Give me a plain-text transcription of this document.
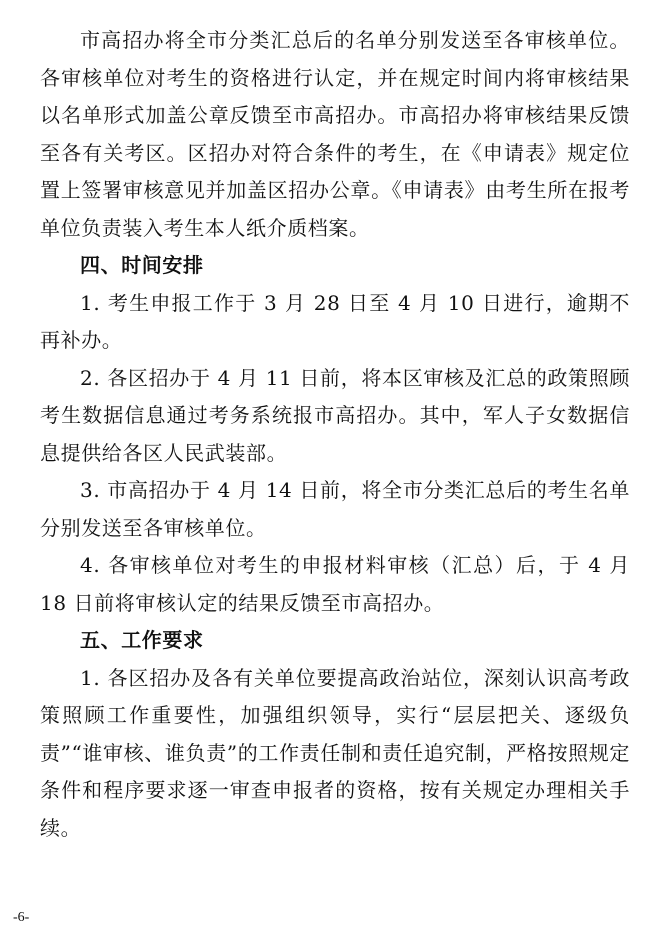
市高招办将全市分类汇总后的名单分别发送至各审核单位。各审核单位对考生的资格进行认定，并在规定时间内将审核结果以名单形式加盖公章反馈至市高招办。市高招办将审核结果反馈至各有关考区。区招办对符合条件的考生，在《申请表》规定位置上签署审核意见并加盖区招办公章。《申请表》由考生所在报考单位负责装入考生本人纸介质档案。

四、时间安排

1. 考生申报工作于 3 月 28 日至 4 月 10 日进行，逾期不再补办。

2. 各区招办于 4 月 11 日前，将本区审核及汇总的政策照顾考生数据信息通过考务系统报市高招办。其中，军人子女数据信息提供给各区人民武装部。

3. 市高招办于 4 月 14 日前，将全市分类汇总后的考生名单分别发送至各审核单位。

4. 各审核单位对考生的申报材料审核（汇总）后，于 4 月 18 日前将审核认定的结果反馈至市高招办。

五、工作要求

1. 各区招办及各有关单位要提高政治站位，深刻认识高考政策照顾工作重要性，加强组织领导，实行“层层把关、逐级负责”“谁审核、谁负责”的工作责任制和责任追究制，严格按照规定条件和程序要求逐一审查申报者的资格，按有关规定办理相关手续。

-6-
